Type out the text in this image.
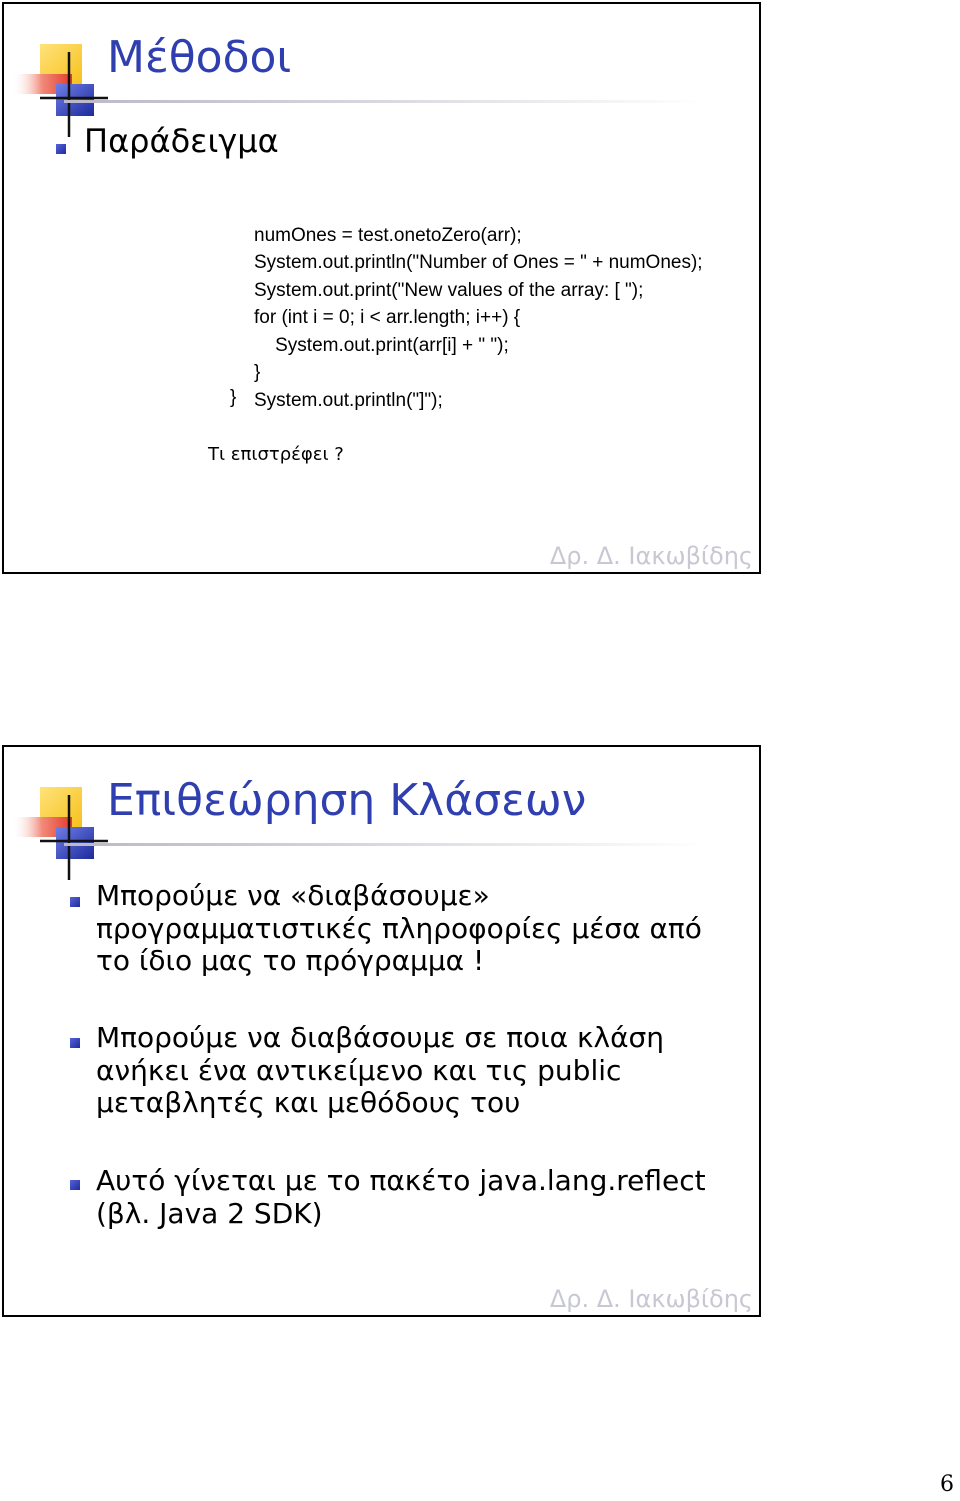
Μέθοδοι
Παράδειγμα

numOnes = test.onetoZero(arr);
System.out.println("Number of Ones = " + numOnes);
System.out.print("New values of the array: [ ");
for (int i = 0; i < arr.length; i++) {
System.out.print(arr[i] + " ");
}
System.out.println("]");
}
Τι επιστρέφει ?
Δρ. Δ. Ιακωβίδης
Επιθεώρηση Κλάσεων
Μπορούμε να «διαβάσουμε» προγραμματιστικές πληροφορίες μέσα από το ίδιο μας το πρόγραμμα !
Μπορούμε να διαβάσουμε σε ποια κλάση ανήκει ένα αντικείμενο και τις public μεταβλητές και μεθόδους του
Αυτό γίνεται με το πακέτο java.lang.reflect (βλ. Java 2 SDK)
Δρ. Δ. Ιακωβίδης
6
